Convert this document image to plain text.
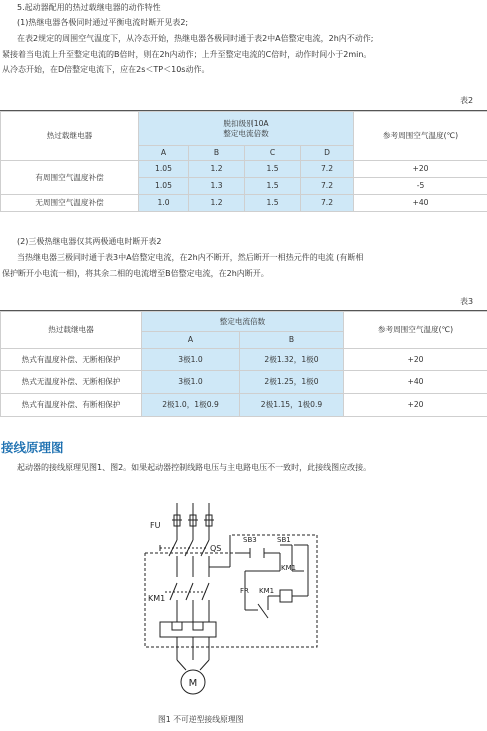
5.起动器配用的热过载继电器的动作特性
(1)热继电器各极同时通过平衡电流时断开见表2;
在表2规定的周围空气温度下，从冷态开始，热继电器各极同时通于表2中A倍整定电流，2h内不动作;
紧接着当电流上升至整定电流的B倍时，则在2h内动作；上升至整定电流的C倍时，动作时间小于2min。
从冷态开始，在D倍整定电流下，应在2s＜TP＜10s动作。
表2
热过载继电器	脱扣级别10A
整定电流倍数				参考周围空气温度(℃)
	A	B	C	D	
有周围空气温度补偿	1.05	1.2	1.5	7.2	+20
	1.05	1.3	1.5	7.2	-5
无周围空气温度补偿	1.0	1.2	1.5	7.2	+40
(2)三极热继电器仅其两极通电时断开表2
当热继电器三极同时通于表3中A倍整定电流，在2h内不断开，然后断开一相热元件的电流 (有断相
保护断开小电流一相)，将其余二相的电流增至B倍整定电流，在2h内断开。
表3
热过载继电器	整定电流倍数		参考周围空气温度(℃)
	A	B	
热式有温度补偿、无断相保护	3极1.0	2极1.32，1极0	+20
热式无温度补偿、无断相保护	3极1.0	2极1.25，1极0	+40
热式有温度补偿、有断相保护	2极1.0，1极0.9	2极1.15，1极0.9	+20
接线原理图
起动器的接线原理见图1、图2。如果起动器控制线路电压与主电路电压不一致时，此接线图应改接。
FU
QS
SB3	SB1
KM1
KM1
FR KM1
M
图1 不可逆型接线原理图
